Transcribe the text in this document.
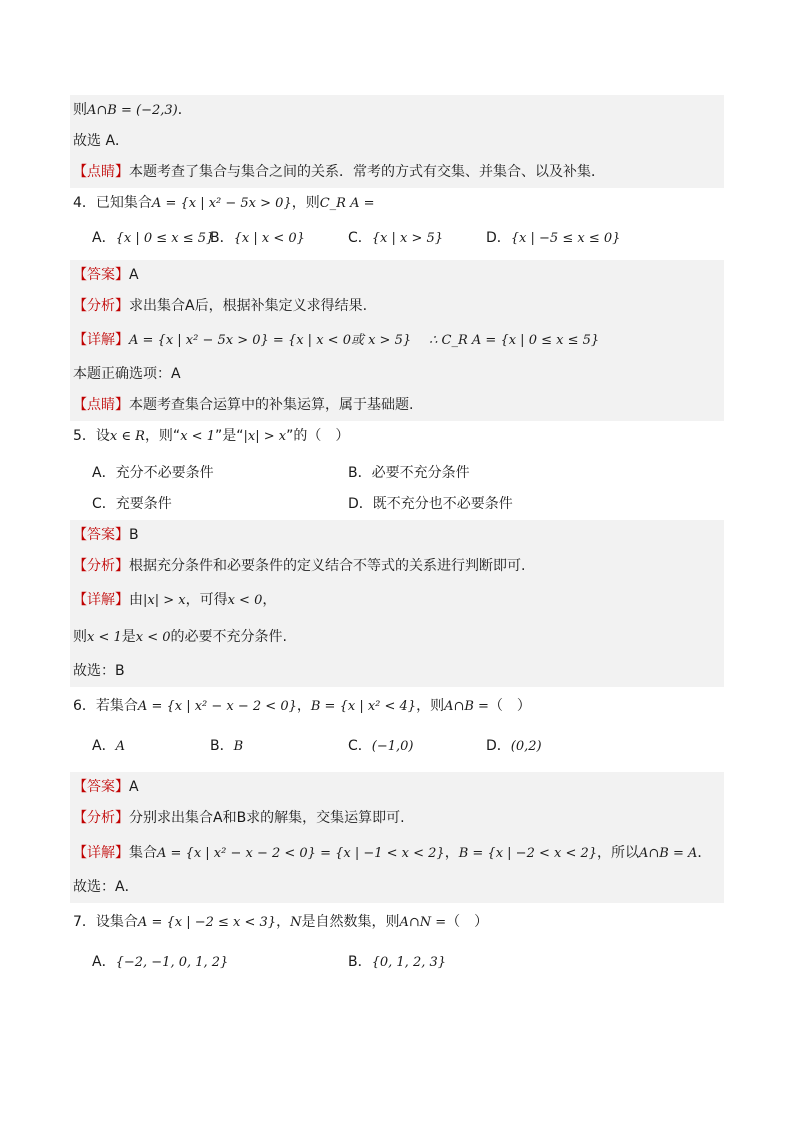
则A∩B = (−2,3)．
故选 A．
【点睛】本题考查了集合与集合之间的关系．常考的方式有交集、并集合、以及补集．
4．已知集合A = {x | x² − 5x > 0}，则C_R A =
A．{x | 0 ≤ x ≤ 5}
B．{x | x < 0}	C．{x | x > 5}	D．{x | −5 ≤ x ≤ 0}
【答案】A
【分析】求出集合A后，根据补集定义求得结果.
【详解】A = {x | x² − 5x > 0} = {x | x < 0或 x > 5} ∴ C_R A = {x | 0 ≤ x ≤ 5}
本题正确选项：A
【点睛】本题考查集合运算中的补集运算，属于基础题.
5．设x ∈ R，则“x < 1”是“|x| > x”的（　）
A．充分不必要条件	B．必要不充分条件
C．充要条件	D．既不充分也不必要条件
【答案】B
【分析】根据充分条件和必要条件的定义结合不等式的关系进行判断即可.
【详解】由|x| > x，可得x < 0，
则x < 1是x < 0的必要不充分条件.
故选：B
6．若集合A = {x | x² − x − 2 < 0}，B = {x | x² < 4}，则A∩B =（　）
A．A	B．B	C．(−1,0)	D．(0,2)
【答案】A
【分析】分别求出集合A和B求的解集，交集运算即可.
【详解】集合A = {x | x² − x − 2 < 0} = {x | −1 < x < 2}，B = {x | −2 < x < 2}，所以A∩B = A．
故选：A．
7．设集合A = {x | −2 ≤ x < 3}，N是自然数集，则A∩N =（　）
A．{−2, −1, 0, 1, 2}	B．{0, 1, 2, 3}
